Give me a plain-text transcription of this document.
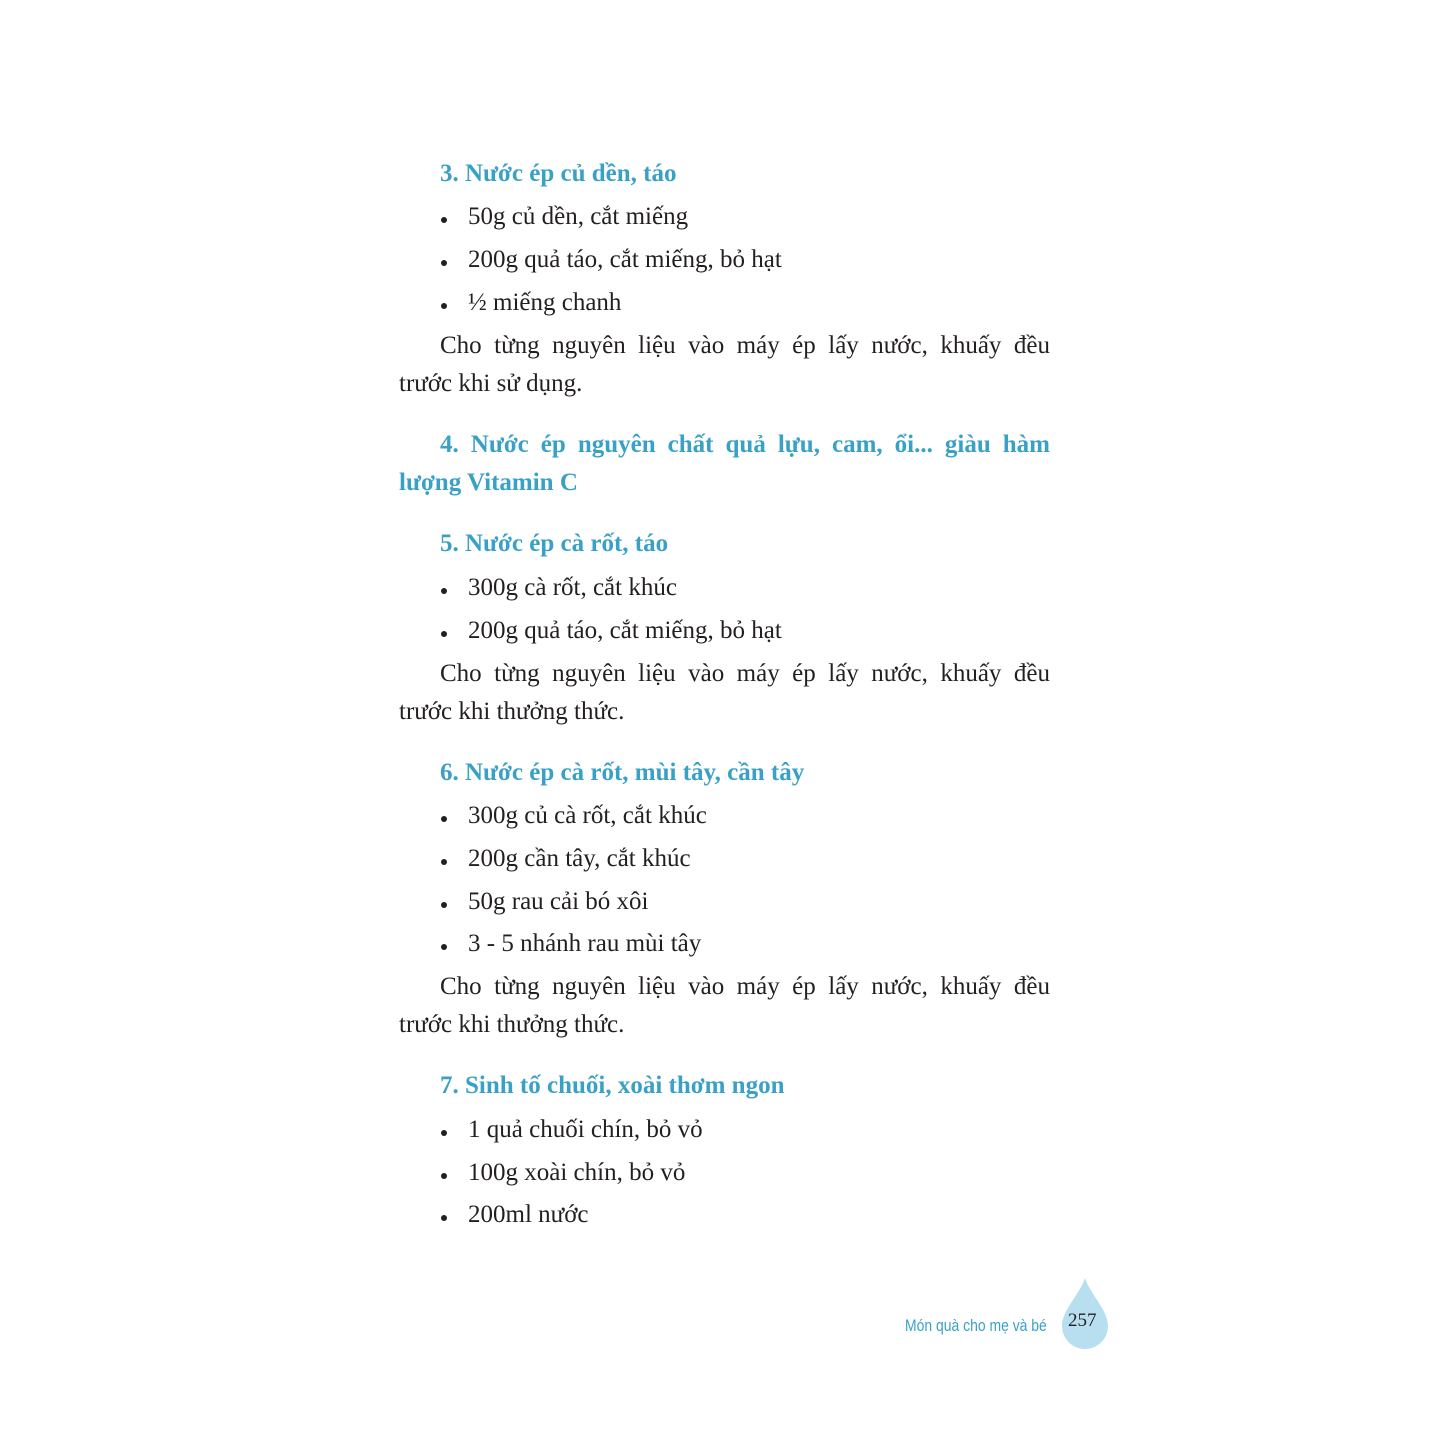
3. Nước ép củ dền, táo
50g củ dền, cắt miếng
200g quả táo, cắt miếng, bỏ hạt
½ miếng chanh
Cho từng nguyên liệu vào máy ép lấy nước, khuấy đều
trước khi sử dụng.
4. Nước ép nguyên chất quả lựu, cam, ổi... giàu hàm
lượng Vitamin C
5. Nước ép cà rốt, táo
300g cà rốt, cắt khúc
200g quả táo, cắt miếng, bỏ hạt
Cho từng nguyên liệu vào máy ép lấy nước, khuấy đều
trước khi thưởng thức.
6. Nước ép cà rốt, mùi tây, cần tây
300g củ cà rốt, cắt khúc
200g cần tây, cắt khúc
50g rau cải bó xôi
3 - 5 nhánh rau mùi tây
Cho từng nguyên liệu vào máy ép lấy nước, khuấy đều
trước khi thưởng thức.
7. Sinh tố chuối, xoài thơm ngon
1 quả chuối chín, bỏ vỏ
100g xoài chín, bỏ vỏ
200ml nước
Món quà cho mẹ và bé 257
